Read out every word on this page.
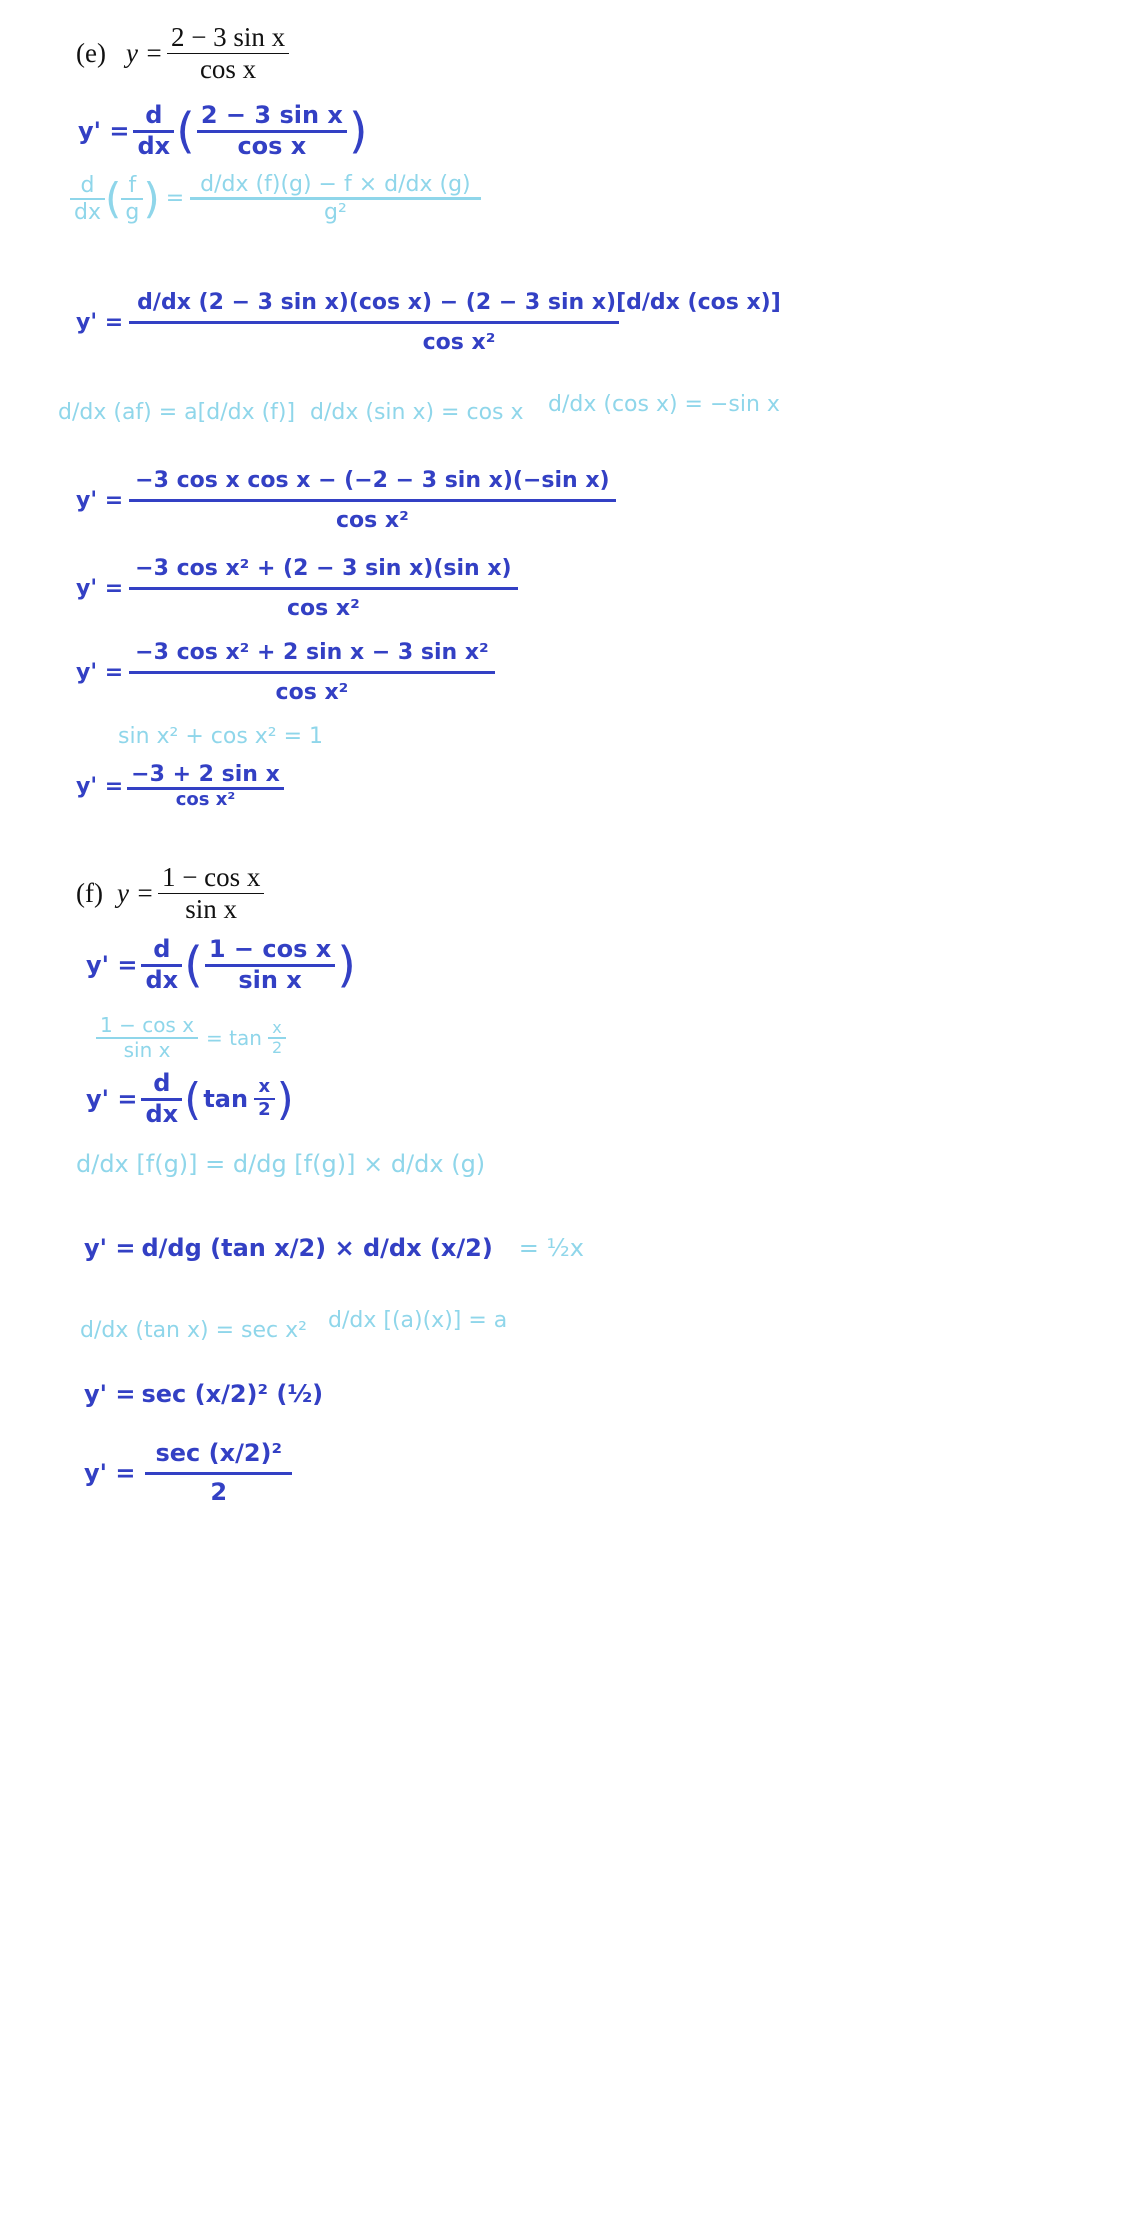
(e) $y = \frac{\text{2 − 3 sin x}}{\text{cos x}}$
$y' = \frac{d}{dx}$ ( $\frac{\text{2 − 3 sin x}}{\text{cos x}}$ )
$\frac{d}{dx}$ ( $\frac{f}{g}$ ) = $\frac{d/dx (f)(g) - f \times d/dx (g)}{\text{g²}}$
$y' = \frac{\text{d/dx (2 − 3 sin x)(cos x) − (2 − 3 sin x)[d/dx (cos x)]}}{\text{cos x²}}$
d/dx (af) = a[d/dx (f)] d/dx (sin x) = cos x d/dx (cos x) = −sin x
$y' = \frac{\text{−3 cos x cos x − (−2 − 3 sin x)(−sin x)}}{\text{cos x²}}$
$y' = \frac{\text{−3 cos x² + (2 − 3 sin x)(sin x)}}{\text{cos x²}}$
$y' = \frac{\text{−3 cos x² + 2 sin x − 3 sin x²}}{\text{cos x²}}$
sin x² + cos x² = 1
$y' = \frac{\text{−3 + 2 sin x}}{\text{cos x²}}$
(f) $y = \frac{\text{1 − cos x}}{\text{sin x}}$
$y' = \frac{d}{dx}$ ( $\frac{\text{1 − cos x}}{\text{sin x}}$ )
$\frac{\text{1 − cos x}}{\text{sin x}} = \tan \frac{x}{2}$
$y' = \frac{d}{dx}$ ( $\tan \frac{x}{2}$ )
d/dx [f(g)] = d/dg [f(g)] × d/dx (g)
y' = d/dg (tan x/2) × d/dx (x/2) = ½x
d/dx (tan x) = sec x² d/dx [(a)(x)] = a
y' = sec (x/2)² (½)
$y' = \frac{\text{sec (x/2)²}}{2}$
